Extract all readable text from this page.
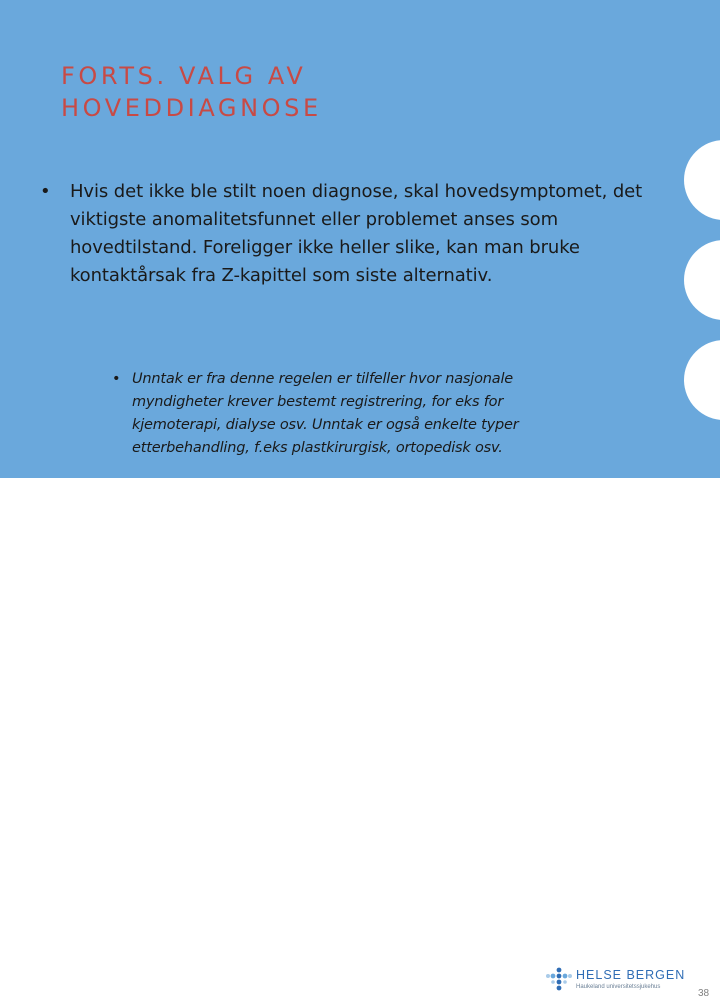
FORTS. VALG AV
HOVEDDIAGNOSE
• Hvis det ikke ble stilt noen diagnose, skal hovedsymptomet, det viktigste anomalitetsfunnet eller problemet anses som hovedtilstand. Foreligger ikke heller slike, kan man bruke kontaktårsak fra Z-kapittel som siste alternativ.
• Unntak er fra denne regelen er tilfeller hvor nasjonale myndigheter krever bestemt registrering, for eks for kjemoterapi, dialyse osv. Unntak er også enkelte typer etterbehandling, f.eks plastkirurgisk, ortopedisk osv.
HELSE BERGEN
Haukeland universitetssjukehus
38
